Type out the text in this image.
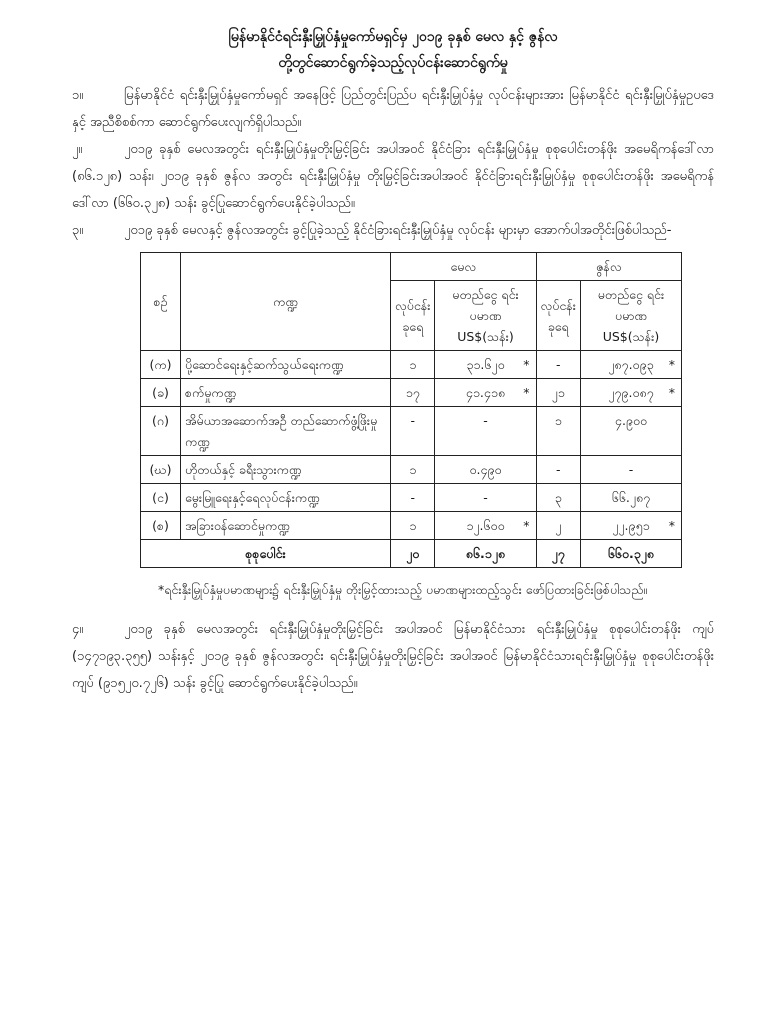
မြန်မာနိုင်ငံရင်းနှီးမြှုပ်နှံမှုကော်မရှင်မှ ၂၀၁၉ ခုနှစ် မေလ နှင့် ဇွန်လ
တို့တွင်ဆောင်ရွက်ခဲ့သည့်လုပ်ငန်းဆောင်ရွက်မှု
၁။	မြန်မာနိုင်ငံ ရင်းနှီးမြှုပ်နှံမှုကော်မရှင် အနေဖြင့် ပြည်တွင်းပြည်ပ ရင်းနှီးမြှုပ်နှံမှု လုပ်ငန်းများအား မြန်မာနိုင်ငံ ရင်းနှီးမြှုပ်နှံမှုဥပဒေနှင့် အညီစိစစ်ကာ ဆောင်ရွက်ပေးလျက်ရှိပါသည်။
၂။	၂၀၁၉ ခုနှစ် မေလအတွင်း ရင်းနှီးမြှုပ်နှံမှုတိုးမြှင့်ခြင်း အပါအဝင် နိုင်ငံခြား ရင်းနှီးမြှုပ်နှံမှု စုစုပေါင်းတန်ဖိုး အမေရိကန်ဒေါ်လာ (၈၆.၁၂၈) သန်း၊ ၂၀၁၉ ခုနှစ် ဇွန်လ အတွင်း ရင်းနှီးမြှုပ်နှံမှု တိုးမြှင့်ခြင်းအပါအဝင် နိုင်ငံခြားရင်းနှီးမြှုပ်နှံမှု စုစုပေါင်းတန်ဖိုး အမေရိကန်ဒေါ်လာ (၆၆၀.၃၂၈) သန်း ခွင့်ပြုဆောင်ရွက်ပေးနိုင်ခဲ့ပါသည်။
၃။	၂၀၁၉ ခုနှစ် မေလနှင့် ဇွန်လအတွင်း ခွင့်ပြုခဲ့သည့် နိုင်ငံခြားရင်းနှီးမြှုပ်နှံမှု လုပ်ငန်း များမှာ အောက်ပါအတိုင်းဖြစ်ပါသည်-
စဉ်	ကဏ္ဍ	မေလ		ဇွန်လ	
		လုပ်ငန်းခုရေ	မတည်ငွေ ရင်းပမာဏ US$(သန်း)	လုပ်ငန်းခုရေ	မတည်ငွေ ရင်းပမာဏ US$(သန်း)
(က)	ပို့ဆောင်ရေးနှင့်ဆက်သွယ်ရေးကဏ္ဍ	၁	၃၁.၆၂၀ *	-	၂၈၇.၀၉၃ *

(ခ)	စက်မှုကဏ္ဍ	၁၇	၄၁.၄၁၈ *	၂၁	၂၇၉.၀၈၇ *

(ဂ)	အိမ်ယာအဆောက်အဦ တည်ဆောက်ဖွံ့ဖြိုးမှုကဏ္ဍ	-	-	၁	၄.၉၀၀

(ဃ)	ဟိုတယ်နှင့် ခရီးသွားကဏ္ဍ	၁	၀.၄၉၀	-	-

(င)	မွေးမြူရေးနှင့်ရေလုပ်ငန်းကဏ္ဍ	-	-	၃	၆၆.၂၈၇

(စ)	အခြားဝန်ဆောင်မှုကဏ္ဍ	၁	၁၂.၆၀၀ *	၂	၂၂.၉၅၁ *

စုစုပေါင်း		၂၀	၈၆.၁၂၈	၂၇	၆၆၀.၃၂၈
*ရင်းနှီးမြှုပ်နှံမှုပမာဏများ၌ ရင်းနှီးမြှုပ်နှံမှု တိုးမြှင့်ထားသည့် ပမာဏများထည့်သွင်း ဖော်ပြထားခြင်းဖြစ်ပါသည်။
၄။	၂၀၁၉ ခုနှစ် မေလအတွင်း ရင်းနှီးမြှုပ်နှံမှုတိုးမြှင့်ခြင်း အပါအဝင် မြန်မာနိုင်ငံသား ရင်းနှီးမြှုပ်နှံမှု စုစုပေါင်းတန်ဖိုး ကျပ် (၁၄၇၁၉၃.၃၅၅) သန်းနှင့် ၂၀၁၉ ခုနှစ် ဇွန်လအတွင်း ရင်းနှီးမြှုပ်နှံမှုတိုးမြှင့်ခြင်း အပါအဝင် မြန်မာနိုင်ငံသားရင်းနှီးမြှုပ်နှံမှု စုစုပေါင်းတန်ဖိုး ကျပ် (၉၁၅၂၀.၇၂၆) သန်း ခွင့်ပြု ဆောင်ရွက်ပေးနိုင်ခဲ့ပါသည်။
